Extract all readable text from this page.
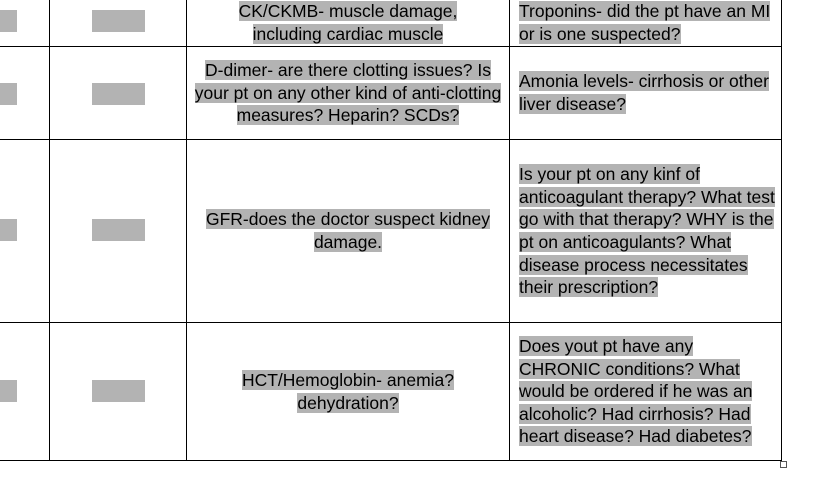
CK/CKMB- muscle damage, including cardiac muscle
Troponins- did the pt have an MI or is one suspected?
D-dimer- are there clotting issues? Is your pt on any other kind of anti-clotting measures? Heparin? SCDs?
Amonia levels- cirrhosis or other liver disease?
GFR-does the doctor suspect kidney damage.
Is your pt on any kinf of anticoagulant therapy? What test go with that therapy? WHY is the pt on anticoagulants? What disease process necessitates their prescription?
HCT/Hemoglobin- anemia? dehydration?
Does yout pt have any CHRONIC conditions? What would be ordered if he was an alcoholic? Had cirrhosis? Had heart disease? Had diabetes?
